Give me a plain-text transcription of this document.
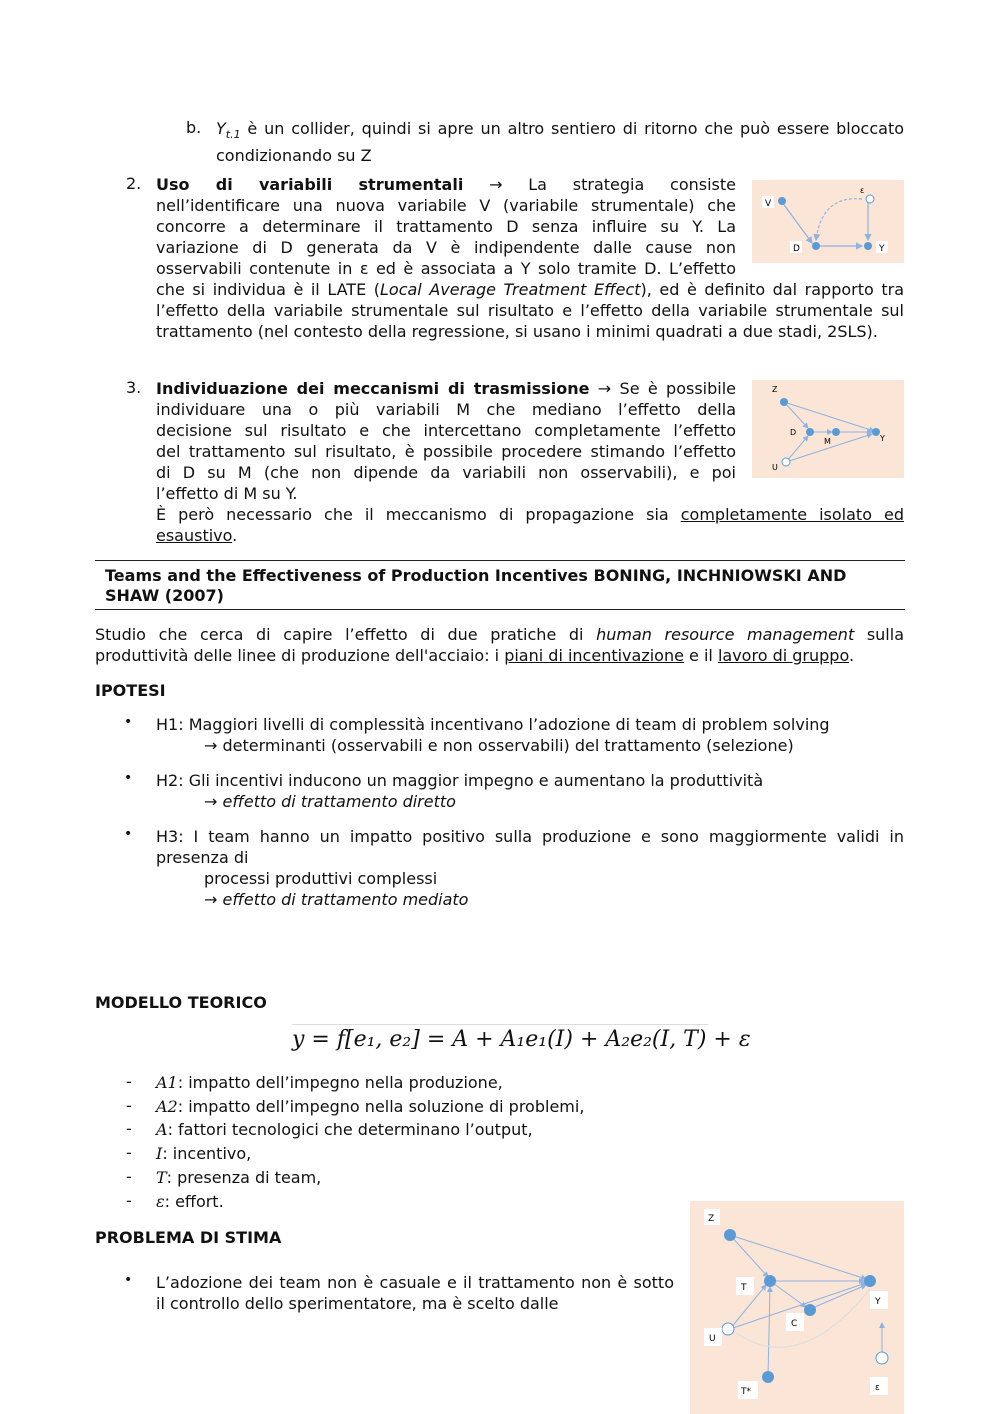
b. $Y_{t.1}$ è un collider, quindi si apre un altro sentiero di ritorno che può essere bloccato condizionando su Z

2. Uso di variabili strumentali → La strategia consiste

nell’identificare una nuova variabile V (variabile strumentale) che

concorre a determinare il trattamento D senza influire su Y. La

variazione di D generata da V è indipendente dalle cause non

osservabili contenute in ε ed è associata a Y solo tramite D. L’effetto

che si individua è il LATE (Local Average Treatment Effect), ed è definito dal rapporto tra l’effetto della variabile strumentale sul risultato e l’effetto della variabile strumentale sul trattamento (nel contesto della regressione, si usano i minimi quadrati a due stadi, 2SLS).

V
ε
D	Y
3. Individuazione dei meccanismi di trasmissione → Se è possibile

individuare una o più variabili M che mediano l’effetto della

decisione sul risultato e che intercettano completamente l’effetto

del trattamento sul risultato, è possibile procedere stimando l’effetto

di D su M (che non dipende da variabili non osservabili), e poi

l’effetto di M su Y.

È però necessario che il meccanismo di propagazione sia completamente isolato ed esaustivo.

Z
D
M	Y
U

Teams and the Effectiveness of Production Incentives BONING, INCHNIOWSKI AND SHAW (2007)

Studio che cerca di capire l’effetto di due pratiche di human resource management sulla produttività delle linee di produzione dell'acciaio: i piani di incentivazione e il lavoro di gruppo.

IPOTESI

• H1: Maggiori livelli di complessità incentivano l’adozione di team di problem solving

→ determinanti (osservabili e non osservabili) del trattamento (selezione)

• H2: Gli incentivi inducono un maggior impegno e aumentano la produttività

→ effetto di trattamento diretto

• H3: I team hanno un impatto positivo sulla produzione e sono maggiormente validi in presenza di

processi produttivi complessi

→ effetto di trattamento mediato

MODELLO TEORICO

y = f[e₁, e₂] = A + A₁e₁(I) + A₂e₂(I, T) + ε
- A1: impatto dell’impegno nella produzione,

- A2: impatto dell’impegno nella soluzione di problemi,

- A: fattori tecnologici che determinano l’output,

- I: incentivo,

- T: presenza di team,

- ε: effort.

PROBLEMA DI STIMA

• L’adozione dei team non è casuale e il trattamento non è sotto il controllo dello sperimentatore, ma è scelto dalle

Z
T
Y
C
U
T*	ε
